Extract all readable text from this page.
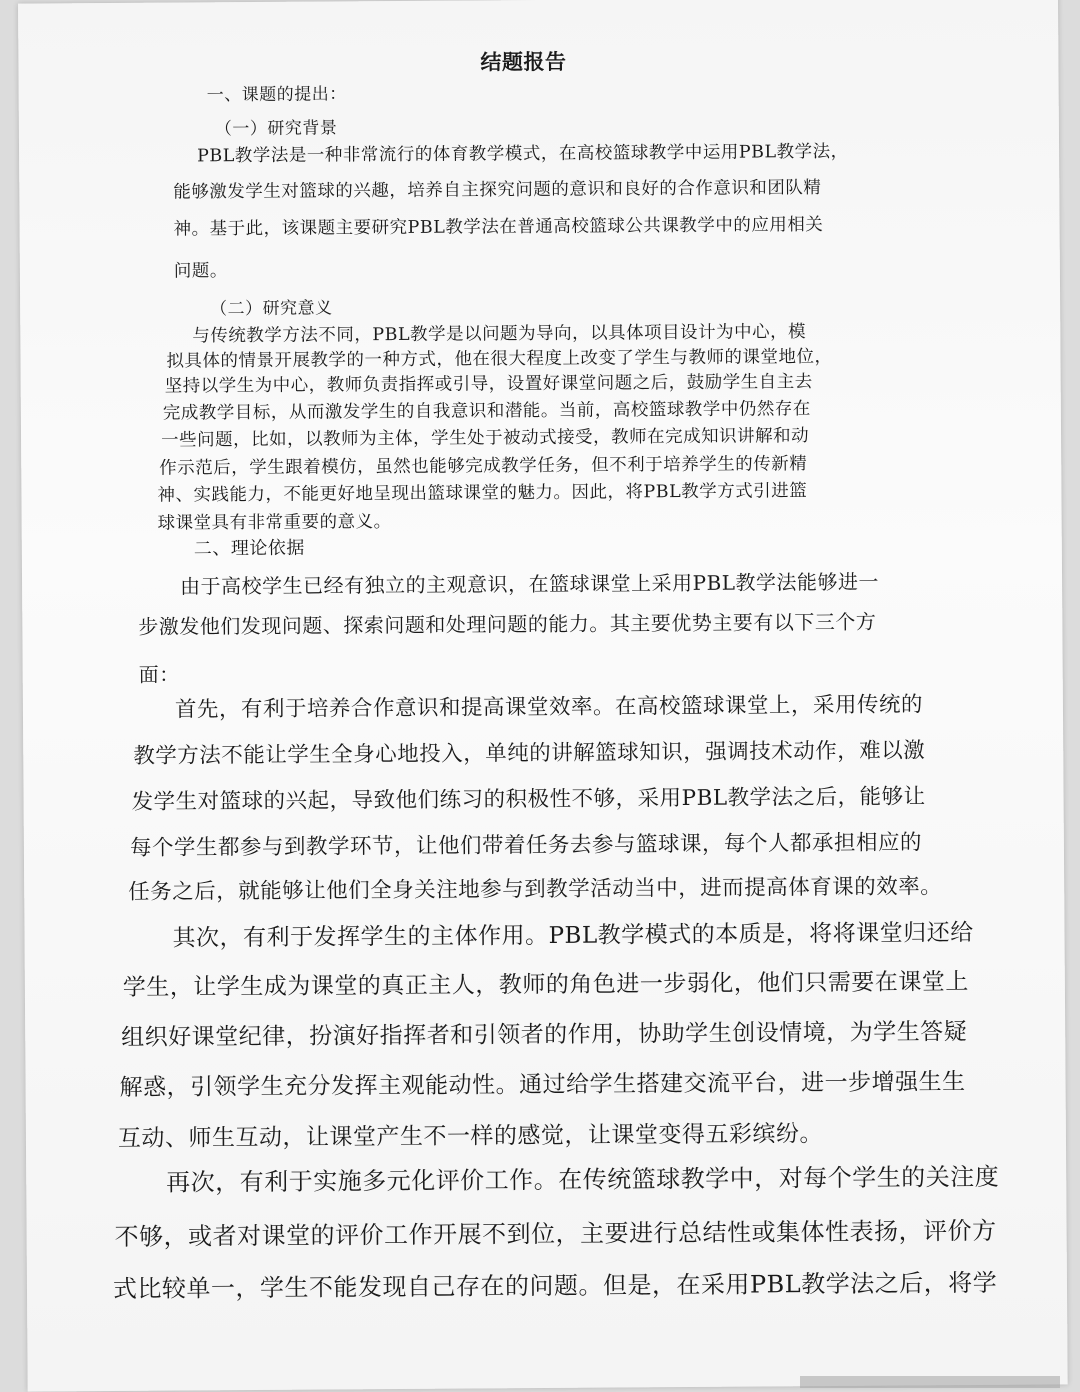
结题报告
一、课题的提出：
（一）研究背景
PBL教学法是一种非常流行的体育教学模式，在高校篮球教学中运用PBL教学法，
能够激发学生对篮球的兴趣，培养自主探究问题的意识和良好的合作意识和团队精
神。基于此，该课题主要研究PBL教学法在普通高校篮球公共课教学中的应用相关
问题。
（二）研究意义
与传统教学方法不同，PBL教学是以问题为导向，以具体项目设计为中心，模
拟具体的情景开展教学的一种方式，他在很大程度上改变了学生与教师的课堂地位，
坚持以学生为中心，教师负责指挥或引导，设置好课堂问题之后，鼓励学生自主去
完成教学目标，从而激发学生的自我意识和潜能。当前，高校篮球教学中仍然存在
一些问题，比如，以教师为主体，学生处于被动式接受，教师在完成知识讲解和动
作示范后，学生跟着模仿，虽然也能够完成教学任务，但不利于培养学生的传新精
神、实践能力，不能更好地呈现出篮球课堂的魅力。因此，将PBL教学方式引进篮
球课堂具有非常重要的意义。
二、理论依据
由于高校学生已经有独立的主观意识，在篮球课堂上采用PBL教学法能够进一
步激发他们发现问题、探索问题和处理问题的能力。其主要优势主要有以下三个方
面：
首先，有利于培养合作意识和提高课堂效率。在高校篮球课堂上，采用传统的
教学方法不能让学生全身心地投入，单纯的讲解篮球知识，强调技术动作，难以激
发学生对篮球的兴起，导致他们练习的积极性不够，采用PBL教学法之后，能够让
每个学生都参与到教学环节，让他们带着任务去参与篮球课，每个人都承担相应的
任务之后，就能够让他们全身关注地参与到教学活动当中，进而提高体育课的效率。
其次，有利于发挥学生的主体作用。PBL教学模式的本质是，将将课堂归还给
学生，让学生成为课堂的真正主人，教师的角色进一步弱化，他们只需要在课堂上
组织好课堂纪律，扮演好指挥者和引领者的作用，协助学生创设情境，为学生答疑
解惑，引领学生充分发挥主观能动性。通过给学生搭建交流平台，进一步增强生生
互动、师生互动，让课堂产生不一样的感觉，让课堂变得五彩缤纷。
再次，有利于实施多元化评价工作。在传统篮球教学中，对每个学生的关注度
不够，或者对课堂的评价工作开展不到位，主要进行总结性或集体性表扬，评价方
式比较单一，学生不能发现自己存在的问题。但是，在采用PBL教学法之后，将学
